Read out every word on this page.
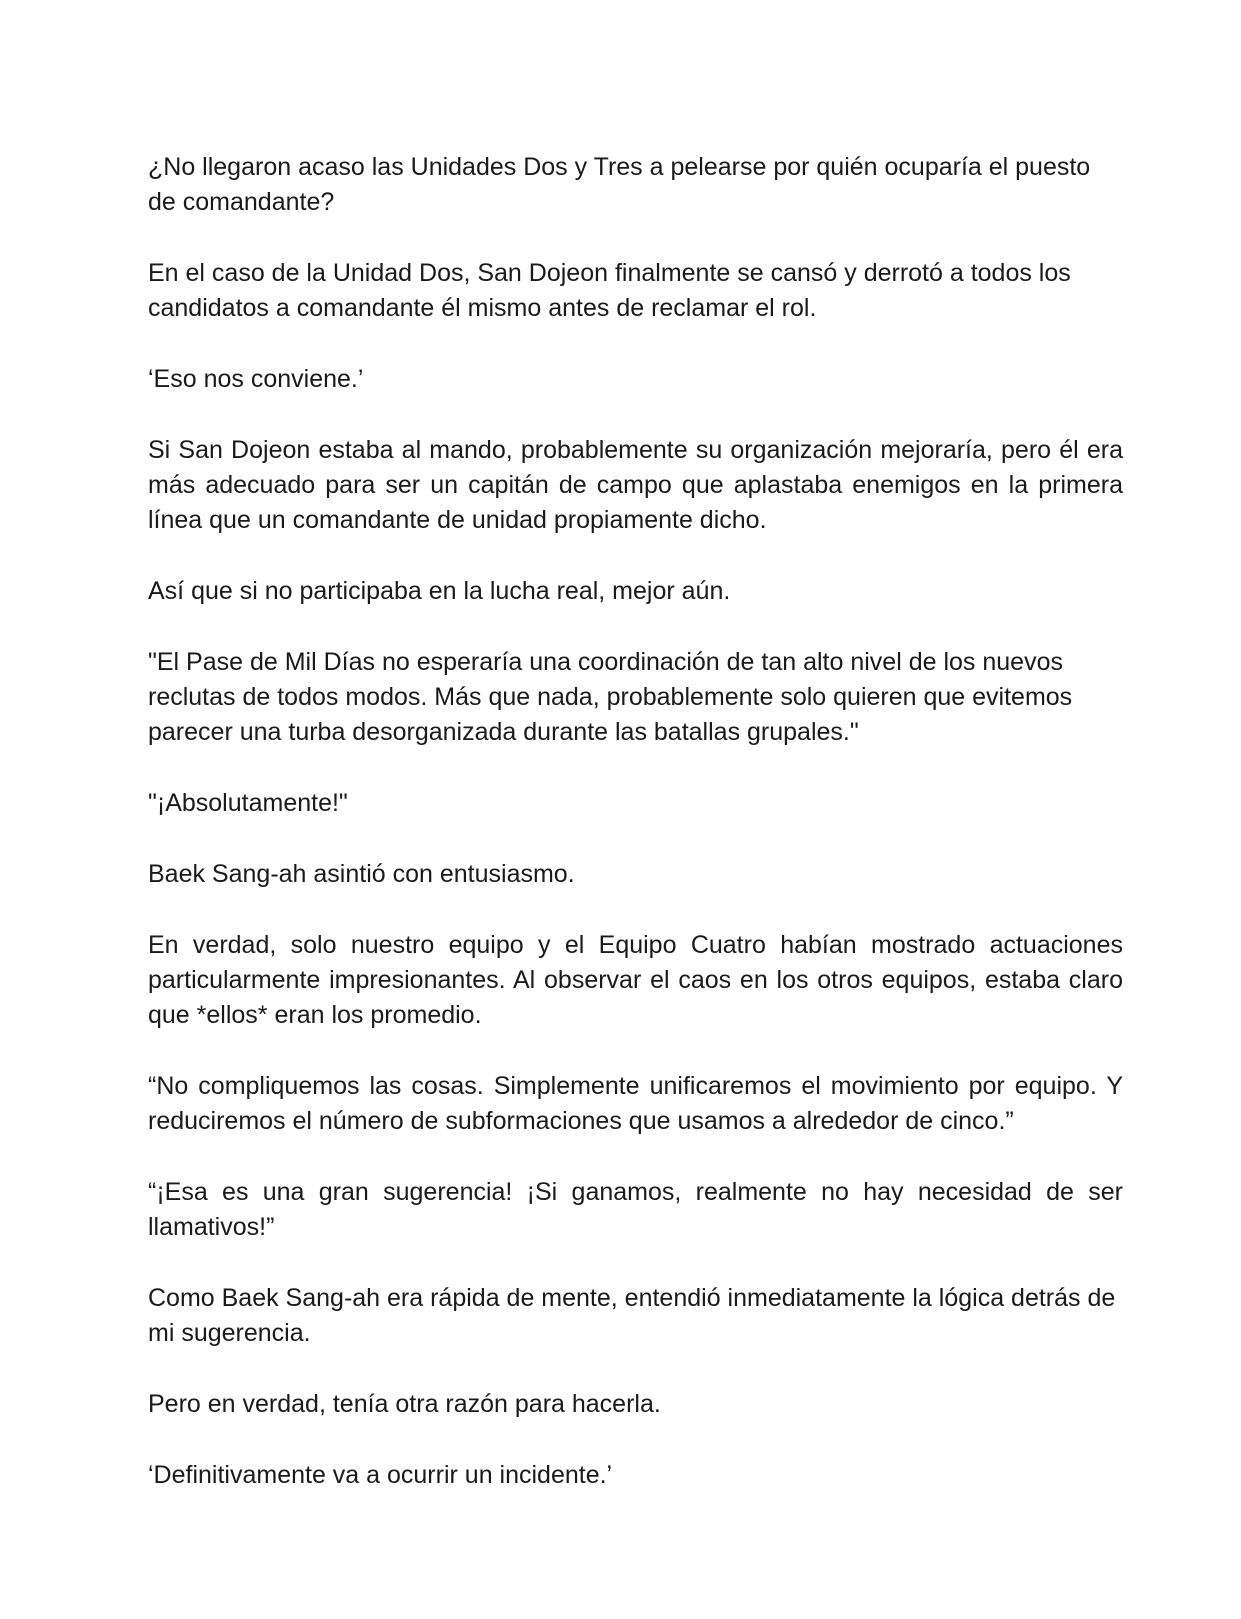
¿No llegaron acaso las Unidades Dos y Tres a pelearse por quién ocuparía el puesto de comandante?

En el caso de la Unidad Dos, San Dojeon finalmente se cansó y derrotó a todos los candidatos a comandante él mismo antes de reclamar el rol.

‘Eso nos conviene.’

Si San Dojeon estaba al mando, probablemente su organización mejoraría, pero él era más adecuado para ser un capitán de campo que aplastaba enemigos en la primera línea que un comandante de unidad propiamente dicho.

Así que si no participaba en la lucha real, mejor aún.

"El Pase de Mil Días no esperaría una coordinación de tan alto nivel de los nuevos reclutas de todos modos. Más que nada, probablemente solo quieren que evitemos parecer una turba desorganizada durante las batallas grupales."

"¡Absolutamente!"

Baek Sang-ah asintió con entusiasmo.

En verdad, solo nuestro equipo y el Equipo Cuatro habían mostrado actuaciones particularmente impresionantes. Al observar el caos en los otros equipos, estaba claro que *ellos* eran los promedio.

“No compliquemos las cosas. Simplemente unificaremos el movimiento por equipo. Y reduciremos el número de subformaciones que usamos a alrededor de cinco.”

“¡Esa es una gran sugerencia! ¡Si ganamos, realmente no hay necesidad de ser llamativos!”

Como Baek Sang-ah era rápida de mente, entendió inmediatamente la lógica detrás de mi sugerencia.

Pero en verdad, tenía otra razón para hacerla.

‘Definitivamente va a ocurrir un incidente.’
